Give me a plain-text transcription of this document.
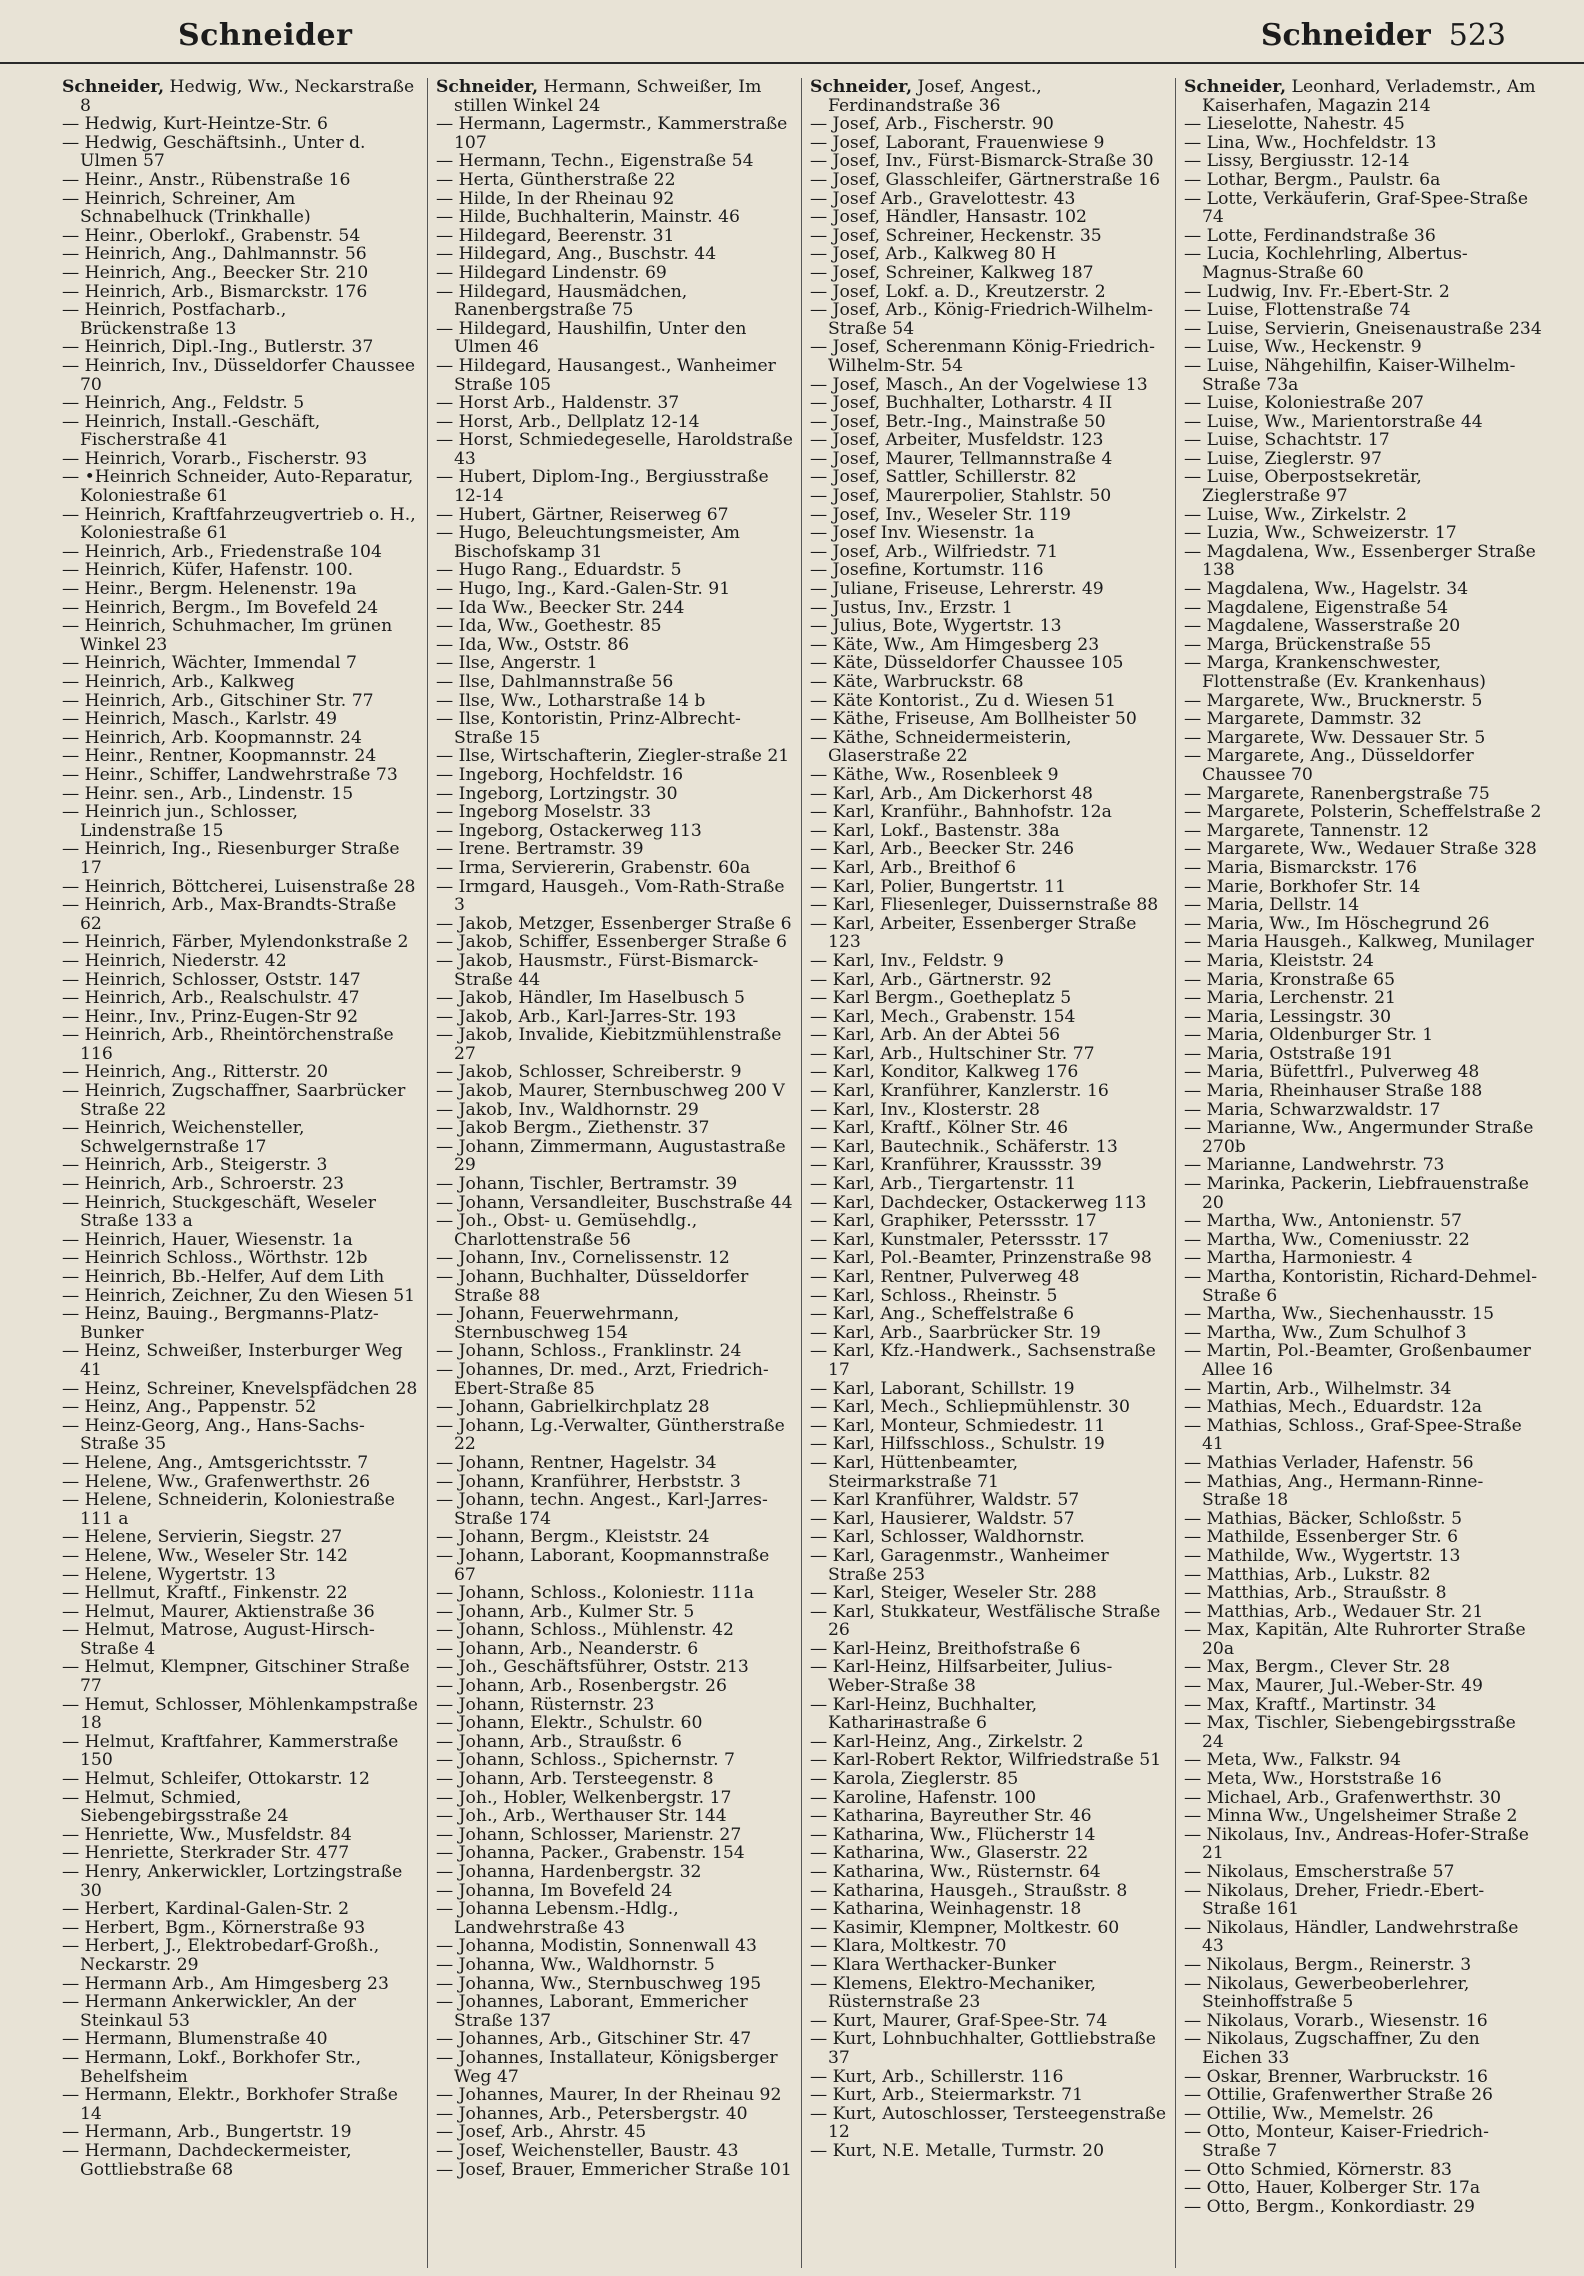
Schneider	Schneider 523
Schneider, Hedwig, Ww., Neckarstraße 8
— Hedwig, Kurt-Heintze-Str. 6
— Hedwig, Geschäftsinh., Unter d. Ulmen 57
— Heinr., Anstr., Rübenstraße 16
— Heinrich, Schreiner, Am Schnabelhuck (Trinkhalle)
— Heinr., Oberlokf., Grabenstr. 54
— Heinrich, Ang., Dahlmannstr. 56
— Heinrich, Ang., Beecker Str. 210
— Heinrich, Arb., Bismarckstr. 176
— Heinrich, Postfacharb., Brückenstraße 13
— Heinrich, Dipl.-Ing., Butlerstr. 37
— Heinrich, Inv., Düsseldorfer Chaussee 70
— Heinrich, Ang., Feldstr. 5
— Heinrich, Install.-Geschäft, Fischerstraße 41
— Heinrich, Vorarb., Fischerstr. 93
— •Heinrich Schneider, Auto-Reparatur, Koloniestraße 61
— Heinrich, Kraftfahrzeugvertrieb o. H., Koloniestraße 61
— Heinrich, Arb., Friedenstraße 104
— Heinrich, Küfer, Hafenstr. 100.
— Heinr., Bergm. Helenenstr. 19a
— Heinrich, Bergm., Im Bovefeld 24
— Heinrich, Schuhmacher, Im grünen Winkel 23
— Heinrich, Wächter, Immendal 7
— Heinrich, Arb., Kalkweg
— Heinrich, Arb., Gitschiner Str. 77
— Heinrich, Masch., Karlstr. 49
— Heinrich, Arb. Koopmannstr. 24
— Heinr., Rentner, Koopmannstr. 24
— Heinr., Schiffer, Landwehrstraße 73
— Heinr. sen., Arb., Lindenstr. 15
— Heinrich jun., Schlosser, Lindenstraße 15
— Heinrich, Ing., Riesenburger Straße 17
— Heinrich, Böttcherei, Luisenstraße 28
— Heinrich, Arb., Max-Brandts-Straße 62
— Heinrich, Färber, Mylendonkstraße 2
— Heinrich, Niederstr. 42
— Heinrich, Schlosser, Oststr. 147
— Heinrich, Arb., Realschulstr. 47
— Heinr., Inv., Prinz-Eugen-Str 92
— Heinrich, Arb., Rheintörchenstraße 116
— Heinrich, Ang., Ritterstr. 20
— Heinrich, Zugschaffner, Saarbrücker Straße 22
— Heinrich, Weichensteller, Schwelgernstraße 17
— Heinrich, Arb., Steigerstr. 3
— Heinrich, Arb., Schroerstr. 23
— Heinrich, Stuckgeschäft, Weseler Straße 133 a
— Heinrich, Hauer, Wiesenstr. 1a
— Heinrich Schloss., Wörthstr. 12b
— Heinrich, Bb.-Helfer, Auf dem Lith
— Heinrich, Zeichner, Zu den Wiesen 51
— Heinz, Bauing., Bergmanns-Platz-Bunker
— Heinz, Schweißer, Insterburger Weg 41
— Heinz, Schreiner, Knevelspfädchen 28
— Heinz, Ang., Pappenstr. 52
— Heinz-Georg, Ang., Hans-Sachs-Straße 35
— Helene, Ang., Amtsgerichtsstr. 7
— Helene, Ww., Grafenwerthstr. 26
— Helene, Schneiderin, Koloniestraße 111 a
— Helene, Servierin, Siegstr. 27
— Helene, Ww., Weseler Str. 142
— Helene, Wygertstr. 13
— Hellmut, Kraftf., Finkenstr. 22
— Helmut, Maurer, Aktienstraße 36
— Helmut, Matrose, August-Hirsch-Straße 4
— Helmut, Klempner, Gitschiner Straße 77
— Hemut, Schlosser, Möhlenkampstraße 18
— Helmut, Kraftfahrer, Kammerstraße 150
— Helmut, Schleifer, Ottokarstr. 12
— Helmut, Schmied, Siebengebirgsstraße 24
— Henriette, Ww., Musfeldstr. 84
— Henriette, Sterkrader Str. 477
— Henry, Ankerwickler, Lortzingstraße 30
— Herbert, Kardinal-Galen-Str. 2
— Herbert, Bgm., Körnerstraße 93
— Herbert, J., Elektrobedarf-Großh., Neckarstr. 29
— Hermann Arb., Am Himgesberg 23
— Hermann Ankerwickler, An der Steinkaul 53
— Hermann, Blumenstraße 40
— Hermann, Lokf., Borkhofer Str., Behelfsheim
— Hermann, Elektr., Borkhofer Straße 14
— Hermann, Arb., Bungertstr. 19
— Hermann, Dachdeckermeister, Gottliebstraße 68
Schneider, Hermann, Schweißer, Im stillen Winkel 24
— Hermann, Lagermstr., Kammerstraße 107
— Hermann, Techn., Eigenstraße 54
— Herta, Güntherstraße 22
— Hilde, In der Rheinau 92
— Hilde, Buchhalterin, Mainstr. 46
— Hildegard, Beerenstr. 31
— Hildegard, Ang., Buschstr. 44
— Hildegard Lindenstr. 69
— Hildegard, Hausmädchen, Ranenbergstraße 75
— Hildegard, Haushilfin, Unter den Ulmen 46
— Hildegard, Hausangest., Wanheimer Straße 105
— Horst Arb., Haldenstr. 37
— Horst, Arb., Dellplatz 12-14
— Horst, Schmiedegeselle, Haroldstraße 43
— Hubert, Diplom-Ing., Bergiusstraße 12-14
— Hubert, Gärtner, Reiserweg 67
— Hugo, Beleuchtungsmeister, Am Bischofskamp 31
— Hugo Rang., Eduardstr. 5
— Hugo, Ing., Kard.-Galen-Str. 91
— Ida Ww., Beecker Str. 244
— Ida, Ww., Goethestr. 85
— Ida, Ww., Oststr. 86
— Ilse, Angerstr. 1
— Ilse, Dahlmannstraße 56
— Ilse, Ww., Lotharstraße 14 b
— Ilse, Kontoristin, Prinz-Albrecht-Straße 15
— Ilse, Wirtschafterin, Ziegler-straße 21
— Ingeborg, Hochfeldstr. 16
— Ingeborg, Lortzingstr. 30
— Ingeborg Moselstr. 33
— Ingeborg, Ostackerweg 113
— Irene. Bertramstr. 39
— Irma, Serviererin, Grabenstr. 60a
— Irmgard, Hausgeh., Vom-Rath-Straße 3
— Jakob, Metzger, Essenberger Straße 6
— Jakob, Schiffer, Essenberger Straße 6
— Jakob, Hausmstr., Fürst-Bismarck-Straße 44
— Jakob, Händler, Im Haselbusch 5
— Jakob, Arb., Karl-Jarres-Str. 193
— Jakob, Invalide, Kiebitzmühlenstraße 27
— Jakob, Schlosser, Schreiberstr. 9
— Jakob, Maurer, Sternbuschweg 200 V
— Jakob, Inv., Waldhornstr. 29
— Jakob Bergm., Ziethenstr. 37
— Johann, Zimmermann, Augustastraße 29
— Johann, Tischler, Bertramstr. 39
— Johann, Versandleiter, Buschstraße 44
— Joh., Obst- u. Gemüsehdlg., Charlottenstraße 56
— Johann, Inv., Cornelissenstr. 12
— Johann, Buchhalter, Düsseldorfer Straße 88
— Johann, Feuerwehrmann, Sternbuschweg 154
— Johann, Schloss., Franklinstr. 24
— Johannes, Dr. med., Arzt, Friedrich-Ebert-Straße 85
— Johann, Gabrielkirchplatz 28
— Johann, Lg.-Verwalter, Güntherstraße 22
— Johann, Rentner, Hagelstr. 34
— Johann, Kranführer, Herbststr. 3
— Johann, techn. Angest., Karl-Jarres-Straße 174
— Johann, Bergm., Kleiststr. 24
— Johann, Laborant, Koopmannstraße 67
— Johann, Schloss., Koloniestr. 111a
— Johann, Arb., Kulmer Str. 5
— Johann, Schloss., Mühlenstr. 42
— Johann, Arb., Neanderstr. 6
— Joh., Geschäftsführer, Oststr. 213
— Johann, Arb., Rosenbergstr. 26
— Johann, Rüsternstr. 23
— Johann, Elektr., Schulstr. 60
— Johann, Arb., Straußstr. 6
— Johann, Schloss., Spichernstr. 7
— Johann, Arb. Tersteegenstr. 8
— Joh., Hobler, Welkenbergstr. 17
— Joh., Arb., Werthauser Str. 144
— Johann, Schlosser, Marienstr. 27
— Johanna, Packer., Grabenstr. 154
— Johanna, Hardenbergstr. 32
— Johanna, Im Bovefeld 24
— Johanna Lebensm.-Hdlg., Landwehrstraße 43
— Johanna, Modistin, Sonnenwall 43
— Johanna, Ww., Waldhornstr. 5
— Johanna, Ww., Sternbuschweg 195
— Johannes, Laborant, Emmericher Straße 137
— Johannes, Arb., Gitschiner Str. 47
— Johannes, Installateur, Königsberger Weg 47
— Johannes, Maurer, In der Rheinau 92
— Johannes, Arb., Petersbergstr. 40
— Josef, Arb., Ahrstr. 45
— Josef, Weichensteller, Baustr. 43
— Josef, Brauer, Emmericher Straße 101
Schneider, Josef, Angest., Ferdinandstraße 36
— Josef, Arb., Fischerstr. 90
— Josef, Laborant, Frauenwiese 9
— Josef, Inv., Fürst-Bismarck-Straße 30
— Josef, Glasschleifer, Gärtnerstraße 16
— Josef Arb., Gravelottestr. 43
— Josef, Händler, Hansastr. 102
— Josef, Schreiner, Heckenstr. 35
— Josef, Arb., Kalkweg 80 H
— Josef, Schreiner, Kalkweg 187
— Josef, Lokf. a. D., Kreutzerstr. 2
— Josef, Arb., König-Friedrich-Wilhelm-Straße 54
— Josef, Scherenmann König-Friedrich-Wilhelm-Str. 54
— Josef, Masch., An der Vogelwiese 13
— Josef, Buchhalter, Lotharstr. 4 II
— Josef, Betr.-Ing., Mainstraße 50
— Josef, Arbeiter, Musfeldstr. 123
— Josef, Maurer, Tellmannstraße 4
— Josef, Sattler, Schillerstr. 82
— Josef, Maurerpolier, Stahlstr. 50
— Josef, Inv., Weseler Str. 119
— Josef Inv. Wiesenstr. 1a
— Josef, Arb., Wilfriedstr. 71
— Josefine, Kortumstr. 116
— Juliane, Friseuse, Lehrerstr. 49
— Justus, Inv., Erzstr. 1
— Julius, Bote, Wygertstr. 13
— Käte, Ww., Am Himgesberg 23
— Käte, Düsseldorfer Chaussee 105
— Käte, Warbruckstr. 68
— Käte Kontorist., Zu d. Wiesen 51
— Käthe, Friseuse, Am Bollheister 50
— Käthe, Schneidermeisterin, Glaserstraße 22
— Käthe, Ww., Rosenbleek 9
— Karl, Arb., Am Dickerhorst 48
— Karl, Kranführ., Bahnhofstr. 12a
— Karl, Lokf., Bastenstr. 38a
— Karl, Arb., Beecker Str. 246
— Karl, Arb., Breithof 6
— Karl, Polier, Bungertstr. 11
— Karl, Fliesenleger, Duissernstraße 88
— Karl, Arbeiter, Essenberger Straße 123
— Karl, Inv., Feldstr. 9
— Karl, Arb., Gärtnerstr. 92
— Karl Bergm., Goetheplatz 5
— Karl, Mech., Grabenstr. 154
— Karl, Arb. An der Abtei 56
— Karl, Arb., Hultschiner Str. 77
— Karl, Konditor, Kalkweg 176
— Karl, Kranführer, Kanzlerstr. 16
— Karl, Inv., Klosterstr. 28
— Karl, Kraftf., Kölner Str. 46
— Karl, Bautechnik., Schäferstr. 13
— Karl, Kranführer, Kraussstr. 39
— Karl, Arb., Tiergartenstr. 11
— Karl, Dachdecker, Ostackerweg 113
— Karl, Graphiker, Peterssstr. 17
— Karl, Kunstmaler, Peterssstr. 17
— Karl, Pol.-Beamter, Prinzenstraße 98
— Karl, Rentner, Pulverweg 48
— Karl, Schloss., Rheinstr. 5
— Karl, Ang., Scheffelstraße 6
— Karl, Arb., Saarbrücker Str. 19
— Karl, Kfz.-Handwerk., Sachsenstraße 17
— Karl, Laborant, Schillstr. 19
— Karl, Mech., Schliepmühlenstr. 30
— Karl, Monteur, Schmiedestr. 11
— Karl, Hilfsschloss., Schulstr. 19
— Karl, Hüttenbeamter, Steirmarkstraße 71
— Karl Kranführer, Waldstr. 57
— Karl, Hausierer, Waldstr. 57
— Karl, Schlosser, Waldhornstr.
— Karl, Garagenmstr., Wanheimer Straße 253
— Karl, Steiger, Weseler Str. 288
— Karl, Stukkateur, Westfälische Straße 26
— Karl-Heinz, Breithofstraße 6
— Karl-Heinz, Hilfsarbeiter, Julius-Weber-Straße 38
— Karl-Heinz, Buchhalter, Kathariнаstraße 6
— Karl-Heinz, Ang., Zirkelstr. 2
— Karl-Robert Rektor, Wilfriedstraße 51
— Karola, Zieglerstr. 85
— Karoline, Hafenstr. 100
— Katharina, Bayreuther Str. 46
— Katharina, Ww., Flücherstr 14
— Katharina, Ww., Glaserstr. 22
— Katharina, Ww., Rüsternstr. 64
— Katharina, Hausgeh., Straußstr. 8
— Katharina, Weinhagenstr. 18
— Kasimir, Klempner, Moltkestr. 60
— Klara, Moltkestr. 70
— Klara Werthacker-Bunker
— Klemens, Elektro-Mechaniker, Rüsternstraße 23
— Kurt, Maurer, Graf-Spee-Str. 74
— Kurt, Lohnbuchhalter, Gottliebstraße 37
— Kurt, Arb., Schillerstr. 116
— Kurt, Arb., Steiermarkstr. 71
— Kurt, Autoschlosser, Tersteegenstraße 12
— Kurt, N.E. Metalle, Turmstr. 20
Schneider, Leonhard, Verlademstr., Am Kaiserhafen, Magazin 214
— Lieselotte, Nahestr. 45
— Lina, Ww., Hochfeldstr. 13
— Lissy, Bergiusstr. 12-14
— Lothar, Bergm., Paulstr. 6a
— Lotte, Verkäuferin, Graf-Spee-Straße 74
— Lotte, Ferdinandstraße 36
— Lucia, Kochlehrling, Albertus-Magnus-Straße 60
— Ludwig, Inv. Fr.-Ebert-Str. 2
— Luise, Flottenstraße 74
— Luise, Servierin, Gneisenaustraße 234
— Luise, Ww., Heckenstr. 9
— Luise, Nähgehilfin, Kaiser-Wilhelm-Straße 73a
— Luise, Koloniestraße 207
— Luise, Ww., Marientorstraße 44
— Luise, Schachtstr. 17
— Luise, Zieglerstr. 97
— Luise, Oberpostsekretär, Zieglerstraße 97
— Luise, Ww., Zirkelstr. 2
— Luzia, Ww., Schweizerstr. 17
— Magdalena, Ww., Essenberger Straße 138
— Magdalena, Ww., Hagelstr. 34
— Magdalene, Eigenstraße 54
— Magdalene, Wasserstraße 20
— Marga, Brückenstraße 55
— Marga, Krankenschwester, Flottenstraße (Ev. Krankenhaus)
— Margarete, Ww., Brucknerstr. 5
— Margarete, Dammstr. 32
— Margarete, Ww. Dessauer Str. 5
— Margarete, Ang., Düsseldorfer Chaussee 70
— Margarete, Ranenbergstraße 75
— Margarete, Polsterin, Scheffelstraße 2
— Margarete, Tannenstr. 12
— Margarete, Ww., Wedauer Straße 328
— Maria, Bismarckstr. 176
— Marie, Borkhofer Str. 14
— Maria, Dellstr. 14
— Maria, Ww., Im Höschegrund 26
— Maria Hausgeh., Kalkweg, Munilager
— Maria, Kleiststr. 24
— Maria, Kronstraße 65
— Maria, Lerchenstr. 21
— Maria, Lessingstr. 30
— Maria, Oldenburger Str. 1
— Maria, Oststraße 191
— Maria, Büfettfrl., Pulverweg 48
— Maria, Rheinhauser Straße 188
— Maria, Schwarzwaldstr. 17
— Marianne, Ww., Angermunder Straße 270b
— Marianne, Landwehrstr. 73
— Marinka, Packerin, Liebfrauenstraße 20
— Martha, Ww., Antonienstr. 57
— Martha, Ww., Comeniusstr. 22
— Martha, Harmoniestr. 4
— Martha, Kontoristin, Richard-Dehmel-Straße 6
— Martha, Ww., Siechenhausstr. 15
— Martha, Ww., Zum Schulhof 3
— Martin, Pol.-Beamter, Großenbaumer Allee 16
— Martin, Arb., Wilhelmstr. 34
— Mathias, Mech., Eduardstr. 12a
— Mathias, Schloss., Graf-Spee-Straße 41
— Mathias Verlader, Hafenstr. 56
— Mathias, Ang., Hermann-Rinne-Straße 18
— Mathias, Bäcker, Schloßstr. 5
— Mathilde, Essenberger Str. 6
— Mathilde, Ww., Wygertstr. 13
— Matthias, Arb., Lukstr. 82
— Matthias, Arb., Straußstr. 8
— Matthias, Arb., Wedauer Str. 21
— Max, Kapitän, Alte Ruhrorter Straße 20a
— Max, Bergm., Clever Str. 28
— Max, Maurer, Jul.-Weber-Str. 49
— Max, Kraftf., Martinstr. 34
— Max, Tischler, Siebengebirgsstraße 24
— Meta, Ww., Falkstr. 94
— Meta, Ww., Horststraße 16
— Michael, Arb., Grafenwerthstr. 30
— Minna Ww., Ungelsheimer Straße 2
— Nikolaus, Inv., Andreas-Hofer-Straße 21
— Nikolaus, Emscherstraße 57
— Nikolaus, Dreher, Friedr.-Ebert-Straße 161
— Nikolaus, Händler, Landwehrstraße 43
— Nikolaus, Bergm., Reinerstr. 3
— Nikolaus, Gewerbeoberlehrer, Steinhoffstraße 5
— Nikolaus, Vorarb., Wiesenstr. 16
— Nikolaus, Zugschaffner, Zu den Eichen 33
— Oskar, Brenner, Warbruckstr. 16
— Ottilie, Grafenwerther Straße 26
— Ottilie, Ww., Memelstr. 26
— Otto, Monteur, Kaiser-Friedrich-Straße 7
— Otto Schmied, Körnerstr. 83
— Otto, Hauer, Kolberger Str. 17a
— Otto, Bergm., Konkordiastr. 29
